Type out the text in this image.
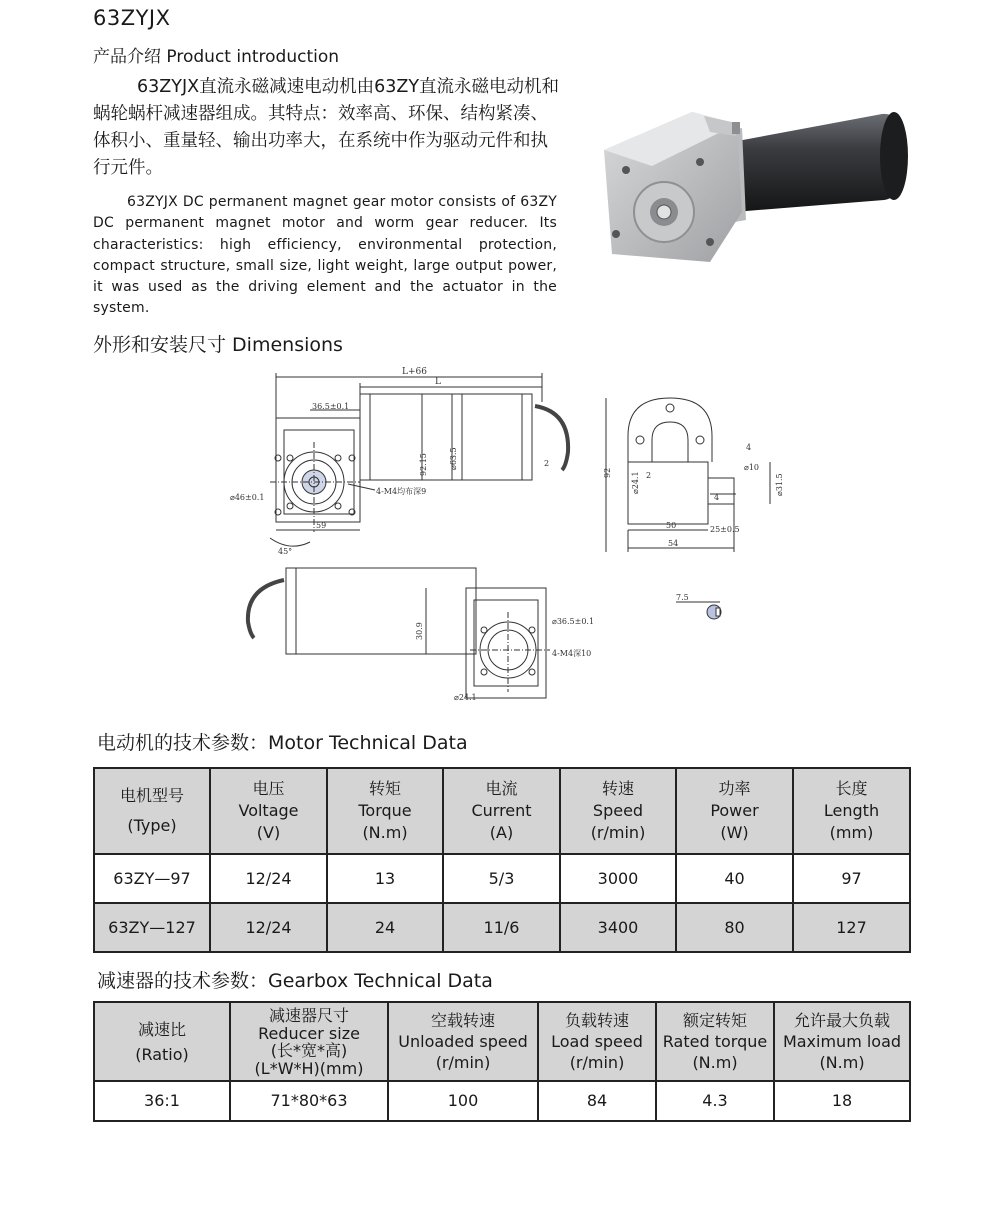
63ZYJX
产品介绍 Product introduction
63ZYJX直流永磁减速电动机由63ZY直流永磁电动机和蜗轮蜗杆减速器组成。其特点：效率高、环保、结构紧凑、体积小、重量轻、输出功率大，在系统中作为驱动元件和执行元件。
63ZYJX DC permanent magnet gear motor consists of 63ZY DC permanent magnet motor and worm gear reducer. Its characteristics: high efficiency, environmental protection, compact structure, small size, light weight, large output power, it was used as the driving element and the actuator in the system.
外形和安装尺寸 Dimensions
L+66
L
36.5±0.1
92.15	⌀63.5	2
⌀46±0.1
4-M4均布深9
59
45°
92 ⌀24.1 2
⌀10
4
⌀31.5
4
50	25±0.5
54
30.9
⌀36.5±0.1
4-M4深10
⌀24.1
7.5
电动机的技术参数：Motor Technical Data
电机型号
(Type)	电压
Voltage
(V)	转矩
Torque
(N.m)	电流
Current
(A)	转速
Speed
(r/min)	功率
Power
(W)	长度
Length
(mm)

63ZY—97	12/24	13	5/3	3000	40	97
63ZY—127	12/24	24	11/6	3400	80	127
减速器的技术参数：Gearbox Technical Data
减速比
(Ratio)	减速器尺寸
Reducer size
(长*宽*高)
(L*W*H)(mm)	空载转速
Unloaded speed
(r/min)	负载转速
Load speed
(r/min)	额定转矩
Rated torque
(N.m)	允许最大负载
Maximum load
(N.m)

36:1	71*80*63	100	84	4.3	18
